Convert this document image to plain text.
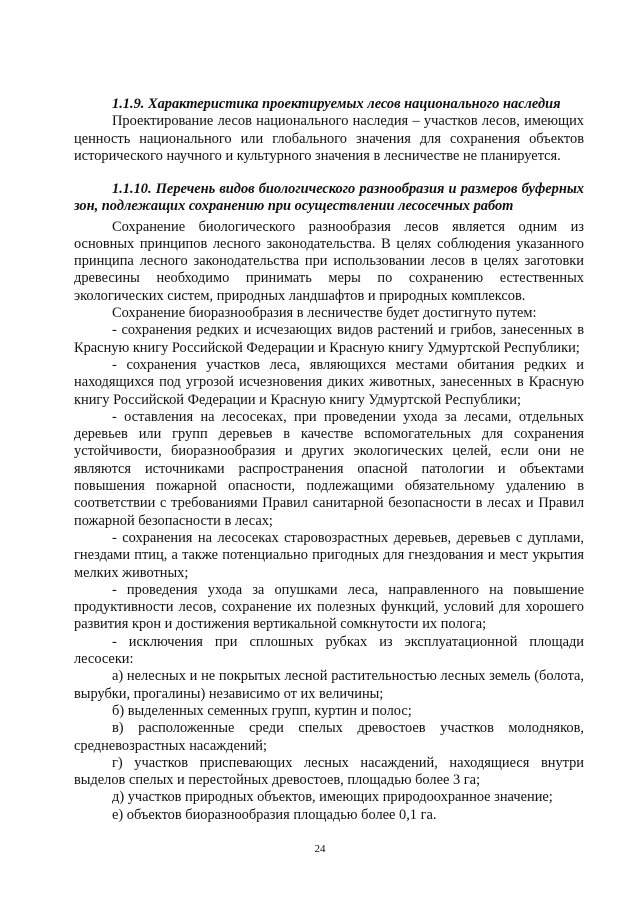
1.1.9. Характеристика проектируемых лесов национального наследия

Проектирование лесов национального наследия – участков лесов, имеющих ценность национального или глобального значения для сохранения объектов исторического научного и культурного значения в лесничестве не планируется.

1.1.10. Перечень видов биологического разнообразия и размеров буферных зон, подлежащих сохранению при осуществлении лесосечных работ

Сохранение биологического разнообразия лесов является одним из основных принципов лесного законодательства. В целях соблюдения указанного принципа лесного законодательства при использовании лесов в целях заготовки древесины необходимо принимать меры по сохранению естественных экологических систем, природных ландшафтов и природных комплексов.

Сохранение биоразнообразия в лесничестве будет достигнуто путем:

- сохранения редких и исчезающих видов растений и грибов, занесенных в Красную книгу Российской Федерации и Красную книгу Удмуртской Республики;

- сохранения участков леса, являющихся местами обитания редких и находящихся под угрозой исчезновения диких животных, занесенных в Красную книгу Российской Федерации и Красную книгу Удмуртской Республики;

- оставления на лесосеках, при проведении ухода за лесами, отдельных деревьев или групп деревьев в качестве вспомогательных для сохранения устойчивости, биоразнообразия и других экологических целей, если они не являются источниками распространения опасной патологии и объектами повышения пожарной опасности, подлежащими обязательному удалению в соответствии с требованиями Правил санитарной безопасности в лесах и Правил пожарной безопасности в лесах;

- сохранения на лесосеках старовозрастных деревьев, деревьев с дуплами, гнездами птиц, а также потенциально пригодных для гнездования и мест укрытия мелких животных;

- проведения ухода за опушками леса, направленного на повышение продуктивности лесов, сохранение их полезных функций, условий для хорошего развития крон и достижения вертикальной сомкнутости их полога;

- исключения при сплошных рубках из эксплуатационной площади лесосеки:

а) нелесных и не покрытых лесной растительностью лесных земель (болота, вырубки, прогалины) независимо от их величины;

б) выделенных семенных групп, куртин и полос;

в) расположенные среди спелых древостоев участков молодняков, средневозрастных насаждений;

г) участков приспевающих лесных насаждений, находящиеся внутри выделов спелых и перестойных древостоев, площадью более 3 га;

д) участков природных объектов, имеющих природоохранное значение;

е) объектов биоразнообразия площадью более 0,1 га.

24
